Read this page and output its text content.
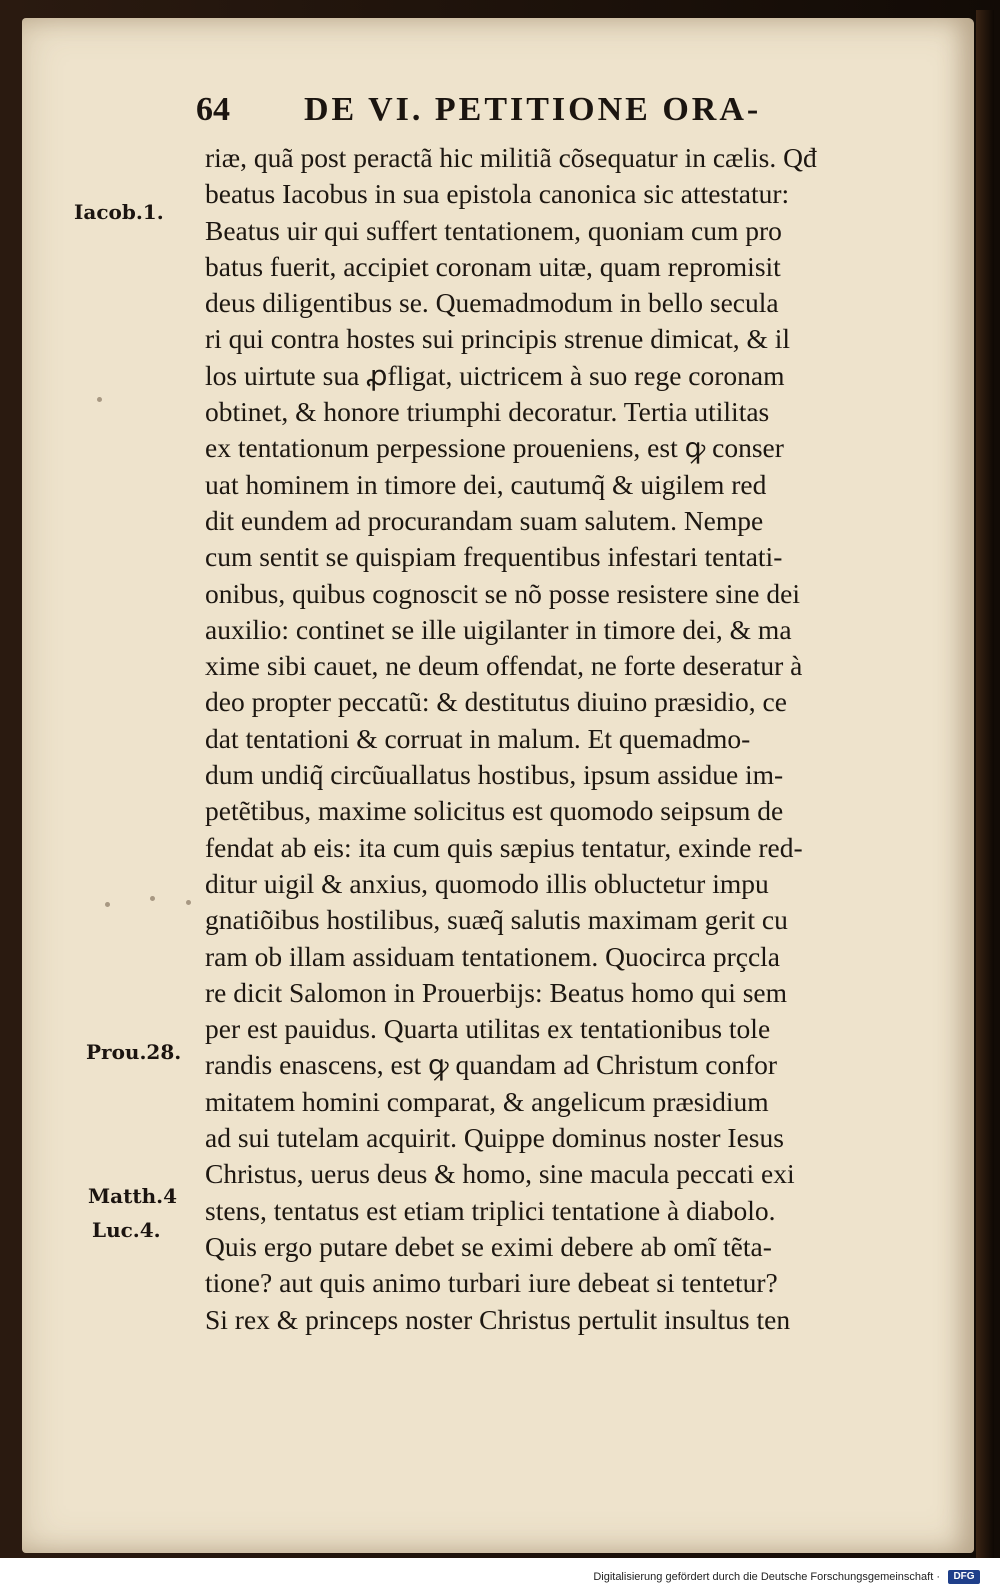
64 DE VI. PETITIONE ORA-
riæ, quã post peractã hic militiã cõsequatur in cælis. Qđ
beatus Iacobus in sua epistola canonica sic attestatur:
Beatus uir qui suffert tentationem, quoniam cum pro
batus fuerit, accipiet coronam uitæ, quam repromisit
deus diligentibus se. Quemadmodum in bello secula
ri qui contra hostes sui principis strenue dimicat, & il
los uirtute sua ꝓfligat, uictricem à suo rege coronam
obtinet, & honore triumphi decoratur. Tertia utilitas
ex tentationum perpessione proueniens, est ꝙ conser
uat hominem in timore dei, cautumq̃ & uigilem red
dit eundem ad procurandam suam salutem. Nempe
cum sentit se quispiam frequentibus infestari tentati-
onibus, quibus cognoscit se nõ posse resistere sine dei
auxilio: continet se ille uigilanter in timore dei, & ma
xime sibi cauet, ne deum offendat, ne forte deseratur à
deo propter peccatũ: & destitutus diuino præsidio, ce
dat tentationi & corruat in malum. Et quemadmo-
dum undiq̃ circũuallatus hostibus, ipsum assidue im-
petẽtibus, maxime solicitus est quomodo seipsum de
fendat ab eis: ita cum quis sæpius tentatur, exinde red-
ditur uigil & anxius, quomodo illis obluctetur impu
gnatiõibus hostilibus, suæq̃ salutis maximam gerit cu
ram ob illam assiduam tentationem. Quocirca prçcla
re dicit Salomon in Prouerbijs: Beatus homo qui sem
per est pauidus. Quarta utilitas ex tentationibus tole
randis enascens, est ꝙ quandam ad Christum confor
mitatem homini comparat, & angelicum præsidium
ad sui tutelam acquirit. Quippe dominus noster Iesus
Christus, uerus deus & homo, sine macula peccati exi
stens, tentatus est etiam triplici tentatione à diabolo.
Quis ergo putare debet se eximi debere ab omĩ tẽta-
tione? aut quis animo turbari iure debeat si tentetur?
Si rex & princeps noster Christus pertulit insultus ten
Iacob.1.
Prou.28.
Matth.4
Luc.4.
Digitalisierung gefördert durch die Deutsche Forschungsgemeinschaft ·	DFG
